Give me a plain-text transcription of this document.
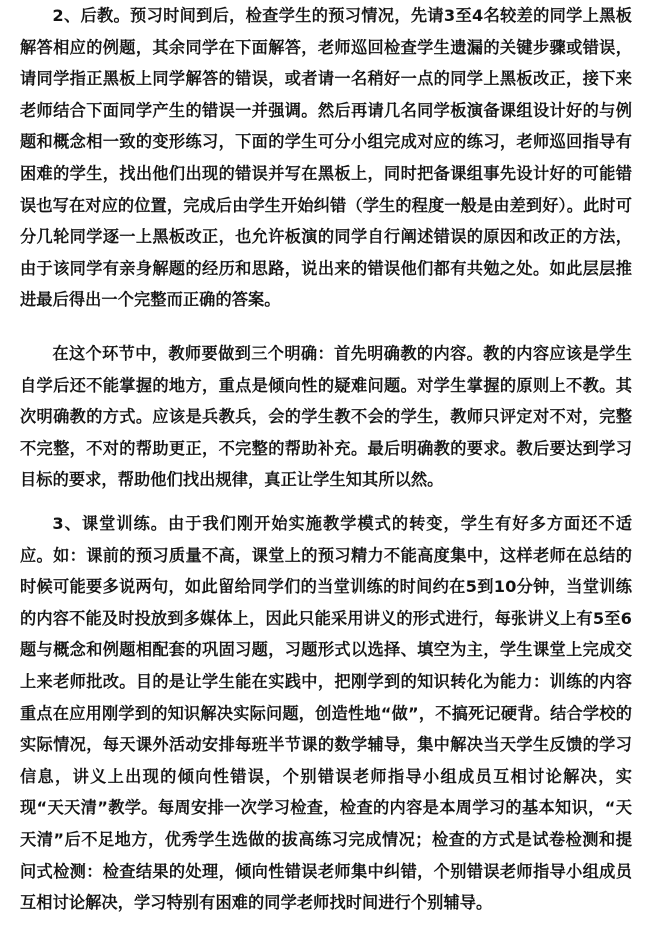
2、后教。预习时间到后，检查学生的预习情况，先请3至4名较差的同学上黑板解答相应的例题，其余同学在下面解答，老师巡回检查学生遗漏的关键步骤或错误，请同学指正黑板上同学解答的错误，或者请一名稍好一点的同学上黑板改正，接下来老师结合下面同学产生的错误一并强调。然后再请几名同学板演备课组设计好的与例题和概念相一致的变形练习，下面的学生可分小组完成对应的练习，老师巡回指导有困难的学生，找出他们出现的错误并写在黑板上，同时把备课组事先设计好的可能错误也写在对应的位置，完成后由学生开始纠错（学生的程度一般是由差到好）。此时可分几轮同学逐一上黑板改正，也允许板演的同学自行阐述错误的原因和改正的方法，由于该同学有亲身解题的经历和思路，说出来的错误他们都有共勉之处。如此层层推进最后得出一个完整而正确的答案。

在这个环节中，教师要做到三个明确：首先明确教的内容。教的内容应该是学生自学后还不能掌握的地方，重点是倾向性的疑难问题。对学生掌握的原则上不教。其次明确教的方式。应该是兵教兵，会的学生教不会的学生，教师只评定对不对，完整不完整，不对的帮助更正，不完整的帮助补充。最后明确教的要求。教后要达到学习目标的要求，帮助他们找出规律，真正让学生知其所以然。

3、课堂训练。由于我们刚开始实施教学模式的转变，学生有好多方面还不适应。如：课前的预习质量不高，课堂上的预习精力不能高度集中，这样老师在总结的时候可能要多说两句，如此留给同学们的当堂训练的时间约在5到10分钟，当堂训练的内容不能及时投放到多媒体上，因此只能采用讲义的形式进行，每张讲义上有5至6题与概念和例题相配套的巩固习题，习题形式以选择、填空为主，学生课堂上完成交上来老师批改。目的是让学生能在实践中，把刚学到的知识转化为能力：训练的内容重点在应用刚学到的知识解决实际问题，创造性地“做”，不搞死记硬背。结合学校的实际情况，每天课外活动安排每班半节课的数学辅导，集中解决当天学生反馈的学习信息，讲义上出现的倾向性错误，个别错误老师指导小组成员互相讨论解决，实现“天天清”教学。每周安排一次学习检查，检查的内容是本周学习的基本知识，“天天清”后不足地方，优秀学生选做的拔高练习完成情况；检查的方式是试卷检测和提问式检测：检查结果的处理，倾向性错误老师集中纠错，个别错误老师指导小组成员互相讨论解决，学习特别有困难的同学老师找时间进行个别辅导。
